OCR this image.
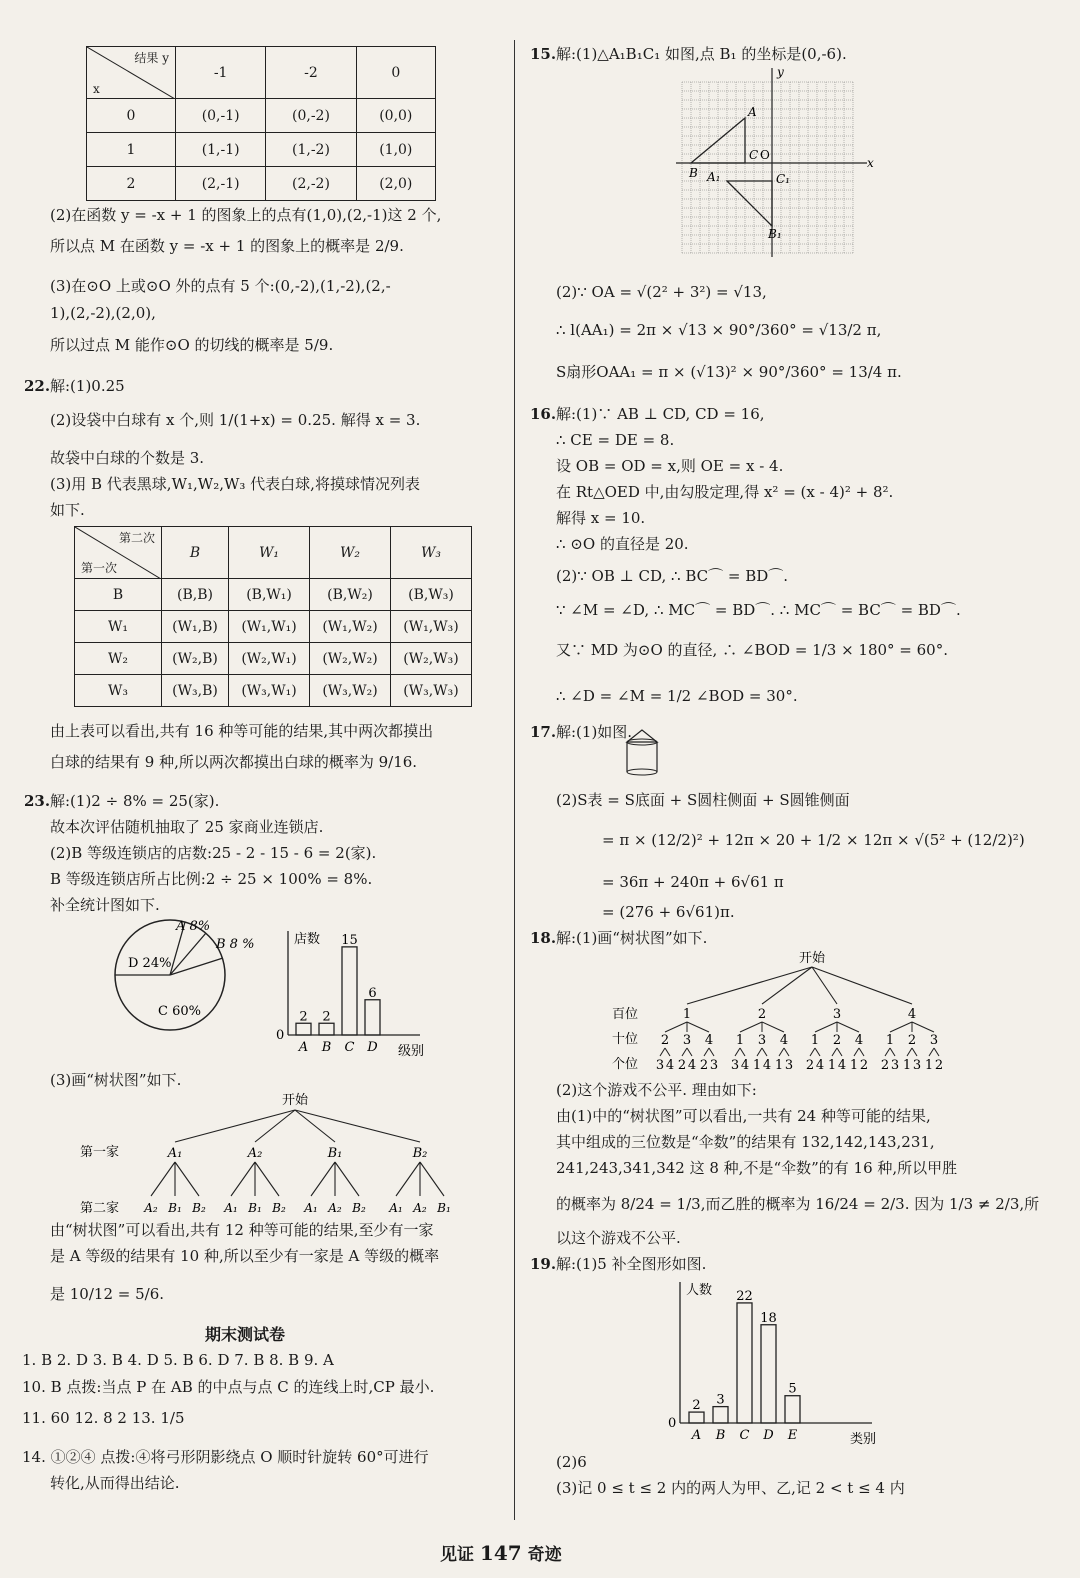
结果 y
x	-1	-2	0
0	(0,-1)	(0,-2)	(0,0)
1	(1,-1)	(1,-2)	(1,0)
2	(2,-1)	(2,-2)	(2,0)
(2)在函数 y = -x + 1 的图象上的点有(1,0),(2,-1)这 2 个,
所以点 M 在函数 y = -x + 1 的图象上的概率是 2/9.
(3)在⊙O 上或⊙O 外的点有 5 个:(0,-2),(1,-2),(2,-
1),(2,-2),(2,0),
所以过点 M 能作⊙O 的切线的概率是 5/9.
22. 解:(1)0.25
(2)设袋中白球有 x 个,则 1/(1+x) = 0.25. 解得 x = 3.
故袋中白球的个数是 3.
(3)用 B 代表黑球,W₁,W₂,W₃ 代表白球,将摸球情况列表
如下.
第二次
第一次	B	W₁	W₂	W₃
B	(B,B)	(B,W₁)	(B,W₂)	(B,W₃)
W₁	(W₁,B)	(W₁,W₁)	(W₁,W₂)	(W₁,W₃)
W₂	(W₂,B)	(W₂,W₁)	(W₂,W₂)	(W₂,W₃)
W₃	(W₃,B)	(W₃,W₁)	(W₃,W₂)	(W₃,W₃)
由上表可以看出,共有 16 种等可能的结果,其中两次都摸出
白球的结果有 9 种,所以两次都摸出白球的概率为 9/16.
23. 解:(1)2 ÷ 8% = 25(家).
故本次评估随机抽取了 25 家商业连锁店.
(2)B 等级连锁店的店数:25 - 2 - 15 - 6 = 2(家).
B 等级连锁店所占比例:2 ÷ 25 × 100% = 8%.
补全统计图如下.
A 8%
B 8 %
D 24%
C 60%
店数
0
级别
2
A
2
B
15
C
6
D
(3)画“树状图”如下.
开始
第一家
第二家
A₁
A₂ B₁ B₂
A₂
A₁ B₁ B₂
B₁
A₁ A₂ B₂
B₂
A₁ A₂ B₁
由“树状图”可以看出,共有 12 种等可能的结果,至少有一家
是 A 等级的结果有 10 种,所以至少有一家是 A 等级的概率
是 10/12 = 5/6.
期末测试卷
1. B 2. D 3. B 4. D 5. B 6. D 7. B 8. B 9. A
10. B 点拨:当点 P 在 AB 的中点与点 C 的连线上时,CP 最小.
11. 60 12. 8 2 13. 1/5
14. ①②④ 点拨:④将弓形阴影绕点 O 顺时针旋转 60°可进行
转化,从而得出结论.
15. 解:(1)△A₁B₁C₁ 如图,点 B₁ 的坐标是(0,-6).
y
x
O
A
B
C
A₁	C₁
B₁
(2)∵ OA = √(2² + 3²) = √13,
∴ l(AA₁) = 2π × √13 × 90°/360° = √13/2 π,
S扇形OAA₁ = π × (√13)² × 90°/360° = 13/4 π.
16. 解:(1)∵ AB ⊥ CD, CD = 16,
∴ CE = DE = 8.
设 OB = OD = x,则 OE = x - 4.
在 Rt△OED 中,由勾股定理,得 x² = (x - 4)² + 8².
解得 x = 10.
∴ ⊙O 的直径是 20.
(2)∵ OB ⊥ CD, ∴ BC⌒ = BD⌒.
∵ ∠M = ∠D, ∴ MC⌒ = BD⌒. ∴ MC⌒ = BC⌒ = BD⌒.
又∵ MD 为⊙O 的直径, ∴ ∠BOD = 1/3 × 180° = 60°.
∴ ∠D = ∠M = 1/2 ∠BOD = 30°.
17. 解:(1)如图.
(2)S表 = S底面 + S圆柱侧面 + S圆锥侧面
= π × (12/2)² + 12π × 20 + 1/2 × 12π × √(5² + (12/2)²)
= 36π + 240π + 6√61 π
= (276 + 6√61)π.
18. 解:(1)画“树状图”如下.
开始
百位
十位
个位
1
2
3 4
3
2 4
4
2 3
2
1
3 4
3
1 4
4
1 3
3
1
2 4
2
1 4
4
1 2
4
1
2 3
2
1 3
3
1 2
(2)这个游戏不公平. 理由如下:
由(1)中的“树状图”可以看出,一共有 24 种等可能的结果,
其中组成的三位数是“伞数”的结果有 132,142,143,231,
241,243,341,342 这 8 种,不是“伞数”的有 16 种,所以甲胜
的概率为 8/24 = 1/3,而乙胜的概率为 16/24 = 2/3. 因为 1/3 ≠ 2/3,所
以这个游戏不公平.
19. 解:(1)5 补全图形如图.
人数
0
类别
2
A
3
B
22
C
18
D
5
E
(2)6
(3)记 0 ≤ t ≤ 2 内的两人为甲、乙,记 2 < t ≤ 4 内
见证 147 奇迹
